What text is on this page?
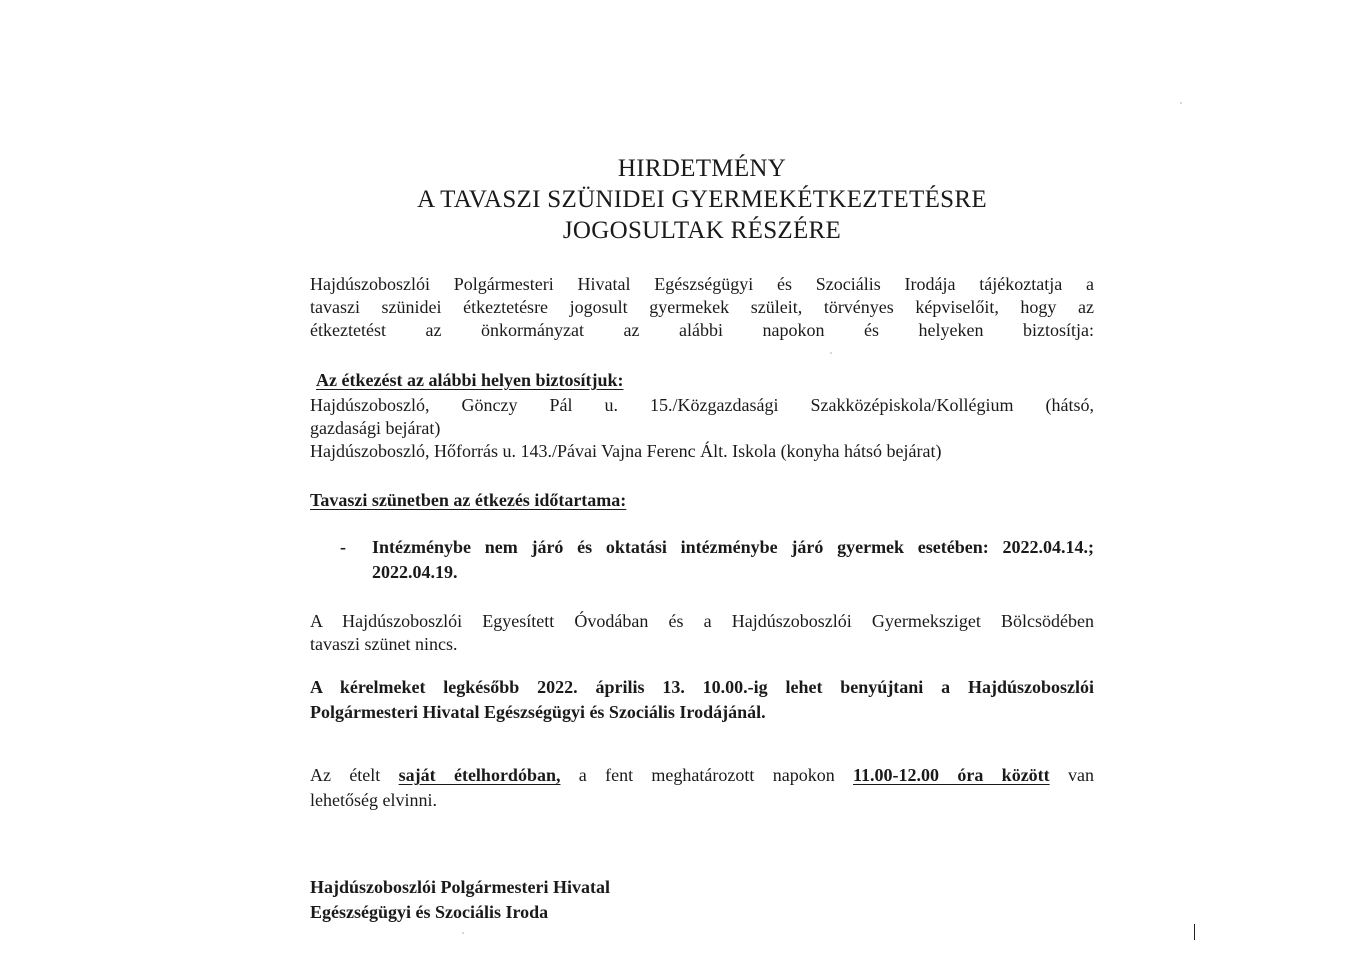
HIRDETMÉNY
A TAVASZI SZÜNIDEI GYERMEKÉTKEZTETÉSRE
JOGOSULTAK RÉSZÉRE
Hajdúszoboszlói Polgármesteri Hivatal Egészségügyi és Szociális Irodája tájékoztatja a
tavaszi szünidei étkeztetésre jogosult gyermekek szüleit, törvényes képviselőit, hogy az
étkeztetést az önkormányzat az alábbi napokon és helyeken biztosítja:
Az étkezést az alábbi helyen biztosítjuk:
Hajdúszoboszló, Gönczy Pál u. 15./Közgazdasági Szakközépiskola/Kollégium (hátsó,
gazdasági bejárat)
Hajdúszoboszló, Hőforrás u. 143./Pávai Vajna Ferenc Ált. Iskola (konyha hátsó bejárat)
Tavaszi szünetben az étkezés időtartama:
- Intézménybe nem járó és oktatási intézménybe járó gyermek esetében: 2022.04.14.;
2022.04.19.
A Hajdúszoboszlói Egyesített Óvodában és a Hajdúszoboszlói Gyermeksziget Bölcsödében
tavaszi szünet nincs.
A kérelmeket legkésőbb 2022. április 13. 10.00.-ig lehet benyújtani a Hajdúszoboszlói
Polgármesteri Hivatal Egészségügyi és Szociális Irodájánál.
Az ételt saját ételhordóban, a fent meghatározott napokon 11.00-12.00 óra között van
lehetőség elvinni.
Hajdúszoboszlói Polgármesteri Hivatal
Egészségügyi és Szociális Iroda
